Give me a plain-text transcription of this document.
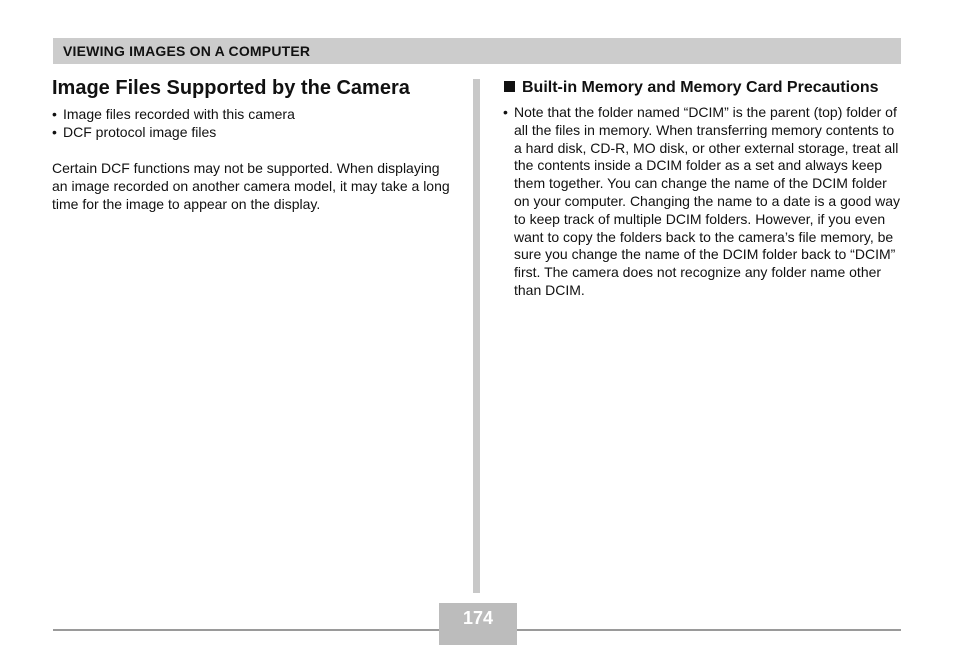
VIEWING IMAGES ON A COMPUTER
Image Files Supported by the Camera
• Image files recorded with this camera
• DCF protocol image files

Certain DCF functions may not be supported. When displaying an image recorded on another camera model, it may take a long time for the image to appear on the display.

Built-in Memory and Memory Card Precautions

• Note that the folder named “DCIM” is the parent (top) folder of all the files in memory. When transferring memory contents to a hard disk, CD-R, MO disk, or other external storage, treat all the contents inside a DCIM folder as a set and always keep them together. You can change the name of the DCIM folder on your computer. Changing the name to a date is a good way to keep track of multiple DCIM folders. However, if you even want to copy the folders back to the camera’s file memory, be sure you change the name of the DCIM folder back to “DCIM” first. The camera does not recognize any folder name other than DCIM.

174
